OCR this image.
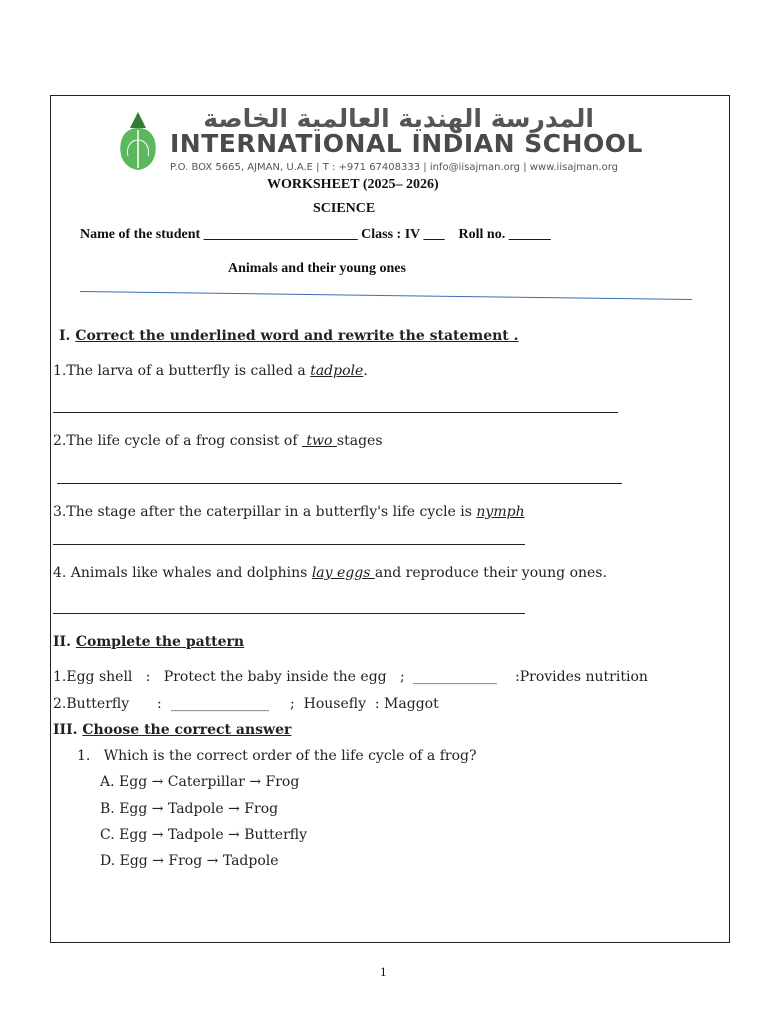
المدرسة الهندية العالمية الخاصة
INTERNATIONAL INDIAN SCHOOL
P.O. BOX 5665, AJMAN, U.A.E | T : +971 67408333 | info@iisajman.org | www.iisajman.org
WORKSHEET (2025– 2026)
SCIENCE
Name of the student ______________________ Class : IV ___    Roll no. ______
Animals and their young ones
I. Correct the underlined word and rewrite the statement .
1.The larva of a butterfly is called a tadpole.
2.The life cycle of a frog consist of  two stages
3.The stage after the caterpillar in a butterfly's life cycle is nymph
4. Animals like whales and dolphins lay eggs and reproduce their young ones.
II. Complete the pattern
1.Egg shell   :   Protect the baby inside the egg ; ____________ :Provides nutrition
2.Butterfly : ______________ ;  Housefly  : Maggot
III. Choose the correct answer
1.   Which is the correct order of the life cycle of a frog?
A. Egg → Caterpillar → Frog
B. Egg → Tadpole → Frog
C. Egg → Tadpole → Butterfly
D. Egg → Frog → Tadpole
1
